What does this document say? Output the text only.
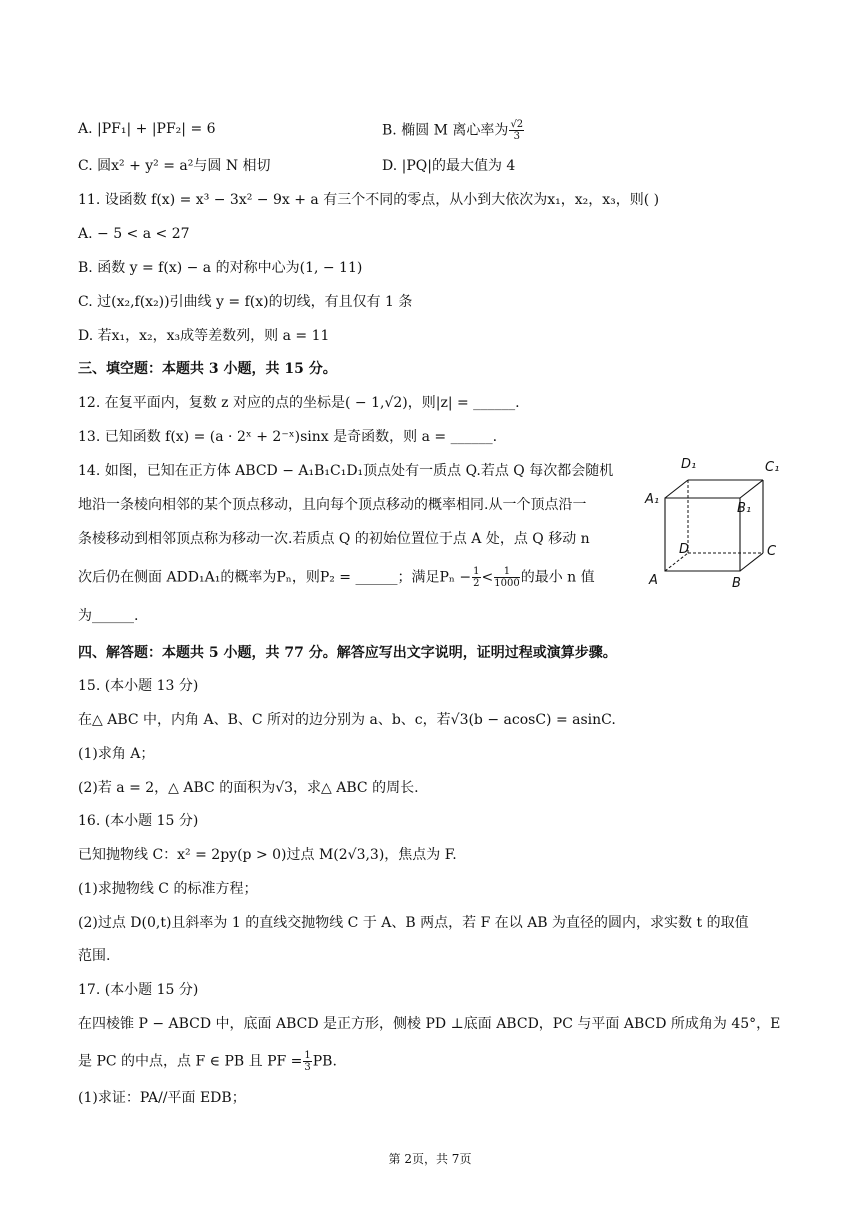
A. |PF₁| + |PF₂| = 6	B. 椭圆 M 离心率为 $\frac{√2}{3}$
C. 圆x² + y² = a²与圆 N 相切	D. |PQ|的最大值为 4
11. 设函数 f(x) = x³ − 3x² − 9x + a 有三个不同的零点，从小到大依次为x₁，x₂，x₃，则( )
A. − 5 < a < 27
B. 函数 y = f(x) − a 的对称中心为(1, − 11)
C. 过(x₂,f(x₂))引曲线 y = f(x)的切线，有且仅有 1 条
D. 若x₁，x₂，x₃成等差数列，则 a = 11
三、填空题：本题共 3 小题，共 15 分。
12. 在复平面内，复数 z 对应的点的坐标是( − 1,√2)，则|z| = ______.
13. 已知函数 f(x) = (a · 2ˣ + 2⁻ˣ)sinx 是奇函数，则 a = ______.
14. 如图，已知在正方体 ABCD − A₁B₁C₁D₁顶点处有一质点 Q.若点 Q 每次都会随机
地沿一条棱向相邻的某个顶点移动，且向每个顶点移动的概率相同.从一个顶点沿一
条棱移动到相邻顶点称为移动一次.若质点 Q 的初始位置位于点 A 处，点 Q 移动 n
次后仍在侧面 ADD₁A₁的概率为Pₙ，则P₂ = ______；满足$P_n - \frac{1}{2} < \frac{1}{1000}$ 的最小 n 值
为______.
D₁	C₁
A₁
B₁
D	C
A	B
四、解答题：本题共 5 小题，共 77 分。解答应写出文字说明，证明过程或演算步骤。
15. (本小题 13 分)
在△ ABC 中，内角 A、B、C 所对的边分别为 a、b、c，若√3(b − acosC) = asinC.
(1)求角 A；
(2)若 a = 2，△ ABC 的面积为√3，求△ ABC 的周长.
16. (本小题 15 分)
已知抛物线 C：x² = 2py(p > 0)过点 M(2√3,3)，焦点为 F.
(1)求抛物线 C 的标准方程；
(2)过点 D(0,t)且斜率为 1 的直线交抛物线 C 于 A、B 两点，若 F 在以 AB 为直径的圆内，求实数 t 的取值
范围.
17. (本小题 15 分)
在四棱锥 P − ABCD 中，底面 ABCD 是正方形，侧棱 PD ⊥底面 ABCD，PC 与平面 ABCD 所成角为 45°，E
是 PC 的中点，点 F ∈ PB 且 PF = $\frac{1}{3}$ PB.
(1)求证：PA//平面 EDB；
第 2页，共 7页
